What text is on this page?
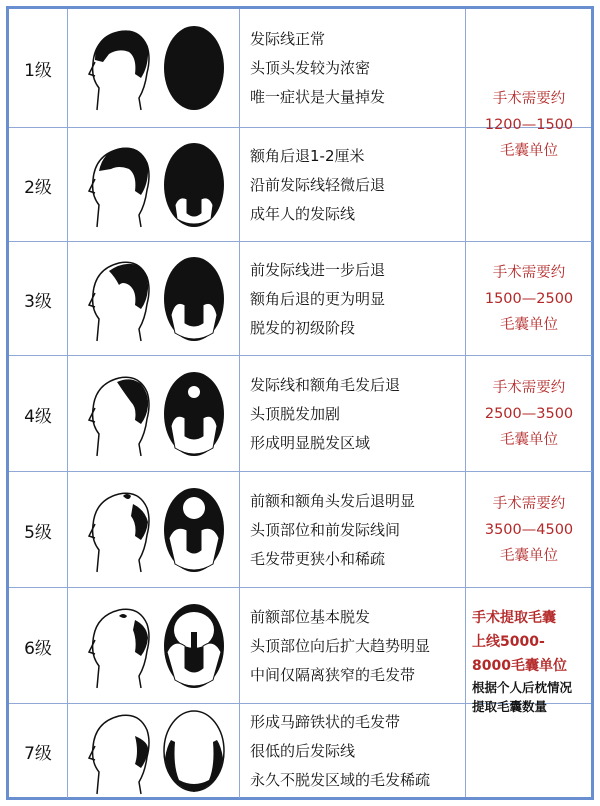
1级
发际线正常
头顶头发较为浓密
唯一症状是大量掉发
2级
额角后退1-2厘米
沿前发际线轻微后退
成年人的发际线
3级
前发际线进一步后退
额角后退的更为明显
脱发的初级阶段
4级
发际线和额角毛发后退
头顶脱发加剧
形成明显脱发区域
5级
前额和额角头发后退明显
头顶部位和前发际线间
毛发带更狭小和稀疏
6级
前额部位基本脱发
头顶部位向后扩大趋势明显
中间仅隔离狭窄的毛发带
7级
形成马蹄铁状的毛发带
很低的后发际线
永久不脱发区域的毛发稀疏
手术需要约
1200—1500
毛囊单位
手术需要约
1500—2500
毛囊单位
手术需要约
2500—3500
毛囊单位
手术需要约
3500—4500
毛囊单位
手术提取毛囊
上线5000-
8000毛囊单位
根据个人后枕情况
提取毛囊数量
